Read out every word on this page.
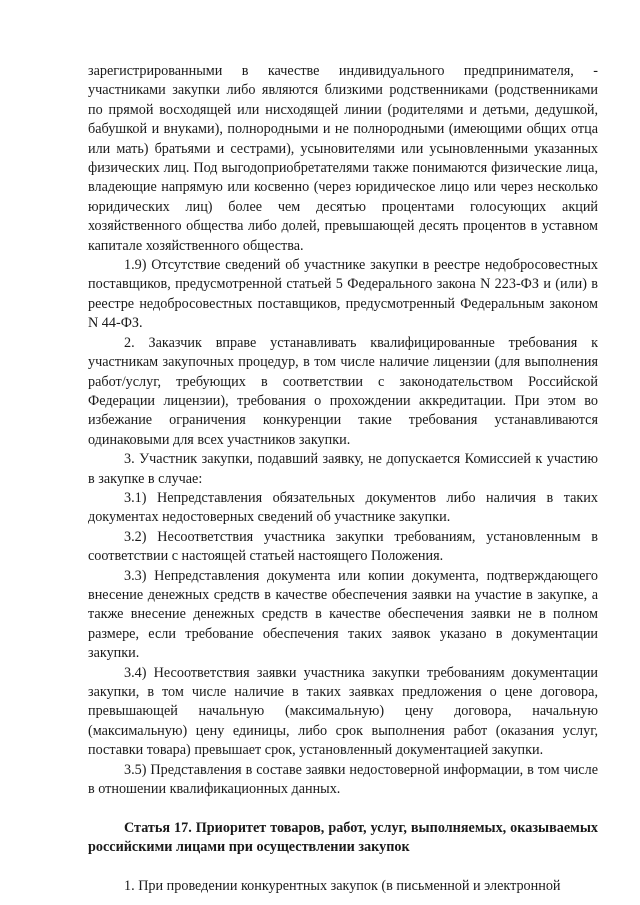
зарегистрированными в качестве индивидуального предпринимателя, - участниками закупки либо являются близкими родственниками (родственниками по прямой восходящей или нисходящей линии (родителями и детьми, дедушкой, бабушкой и внуками), полнородными и не полнородными (имеющими общих отца или мать) братьями и сестрами), усыновителями или усыновленными указанных физических лиц. Под выгодоприобретателями также понимаются физические лица, владеющие напрямую или косвенно (через юридическое лицо или через несколько юридических лиц) более чем десятью процентами голосующих акций хозяйственного общества либо долей, превышающей десять процентов в уставном капитале хозяйственного общества.

1.9) Отсутствие сведений об участнике закупки в реестре недобросовестных поставщиков, предусмотренной статьей 5 Федерального закона N 223-ФЗ и (или) в реестре недобросовестных поставщиков, предусмотренный Федеральным законом N 44-ФЗ.

2. Заказчик вправе устанавливать квалифицированные требования к участникам закупочных процедур, в том числе наличие лицензии (для выполнения работ/услуг, требующих в соответствии с законодательством Российской Федерации лицензии), требования о прохождении аккредитации. При этом во избежание ограничения конкуренции такие требования устанавливаются одинаковыми для всех участников закупки.

3. Участник закупки, подавший заявку, не допускается Комиссией к участию в закупке в случае:

3.1) Непредставления обязательных документов либо наличия в таких документах недостоверных сведений об участнике закупки.

3.2) Несоответствия участника закупки требованиям, установленным в соответствии с настоящей статьей настоящего Положения.

3.3) Непредставления документа или копии документа, подтверждающего внесение денежных средств в качестве обеспечения заявки на участие в закупке, а также внесение денежных средств в качестве обеспечения заявки не в полном размере, если требование обеспечения таких заявок указано в документации закупки.

3.4) Несоответствия заявки участника закупки требованиям документации закупки, в том числе наличие в таких заявках предложения о цене договора, превышающей начальную (максимальную) цену договора, начальную (максимальную) цену единицы, либо срок выполнения работ (оказания услуг, поставки товара) превышает срок, установленный документацией закупки.

3.5) Представления в составе заявки недостоверной информации, в том числе в отношении квалификационных данных.

Статья 17. Приоритет товаров, работ, услуг, выполняемых, оказываемых российскими лицами при осуществлении закупок

1. При проведении конкурентных закупок (в письменной и электронной
